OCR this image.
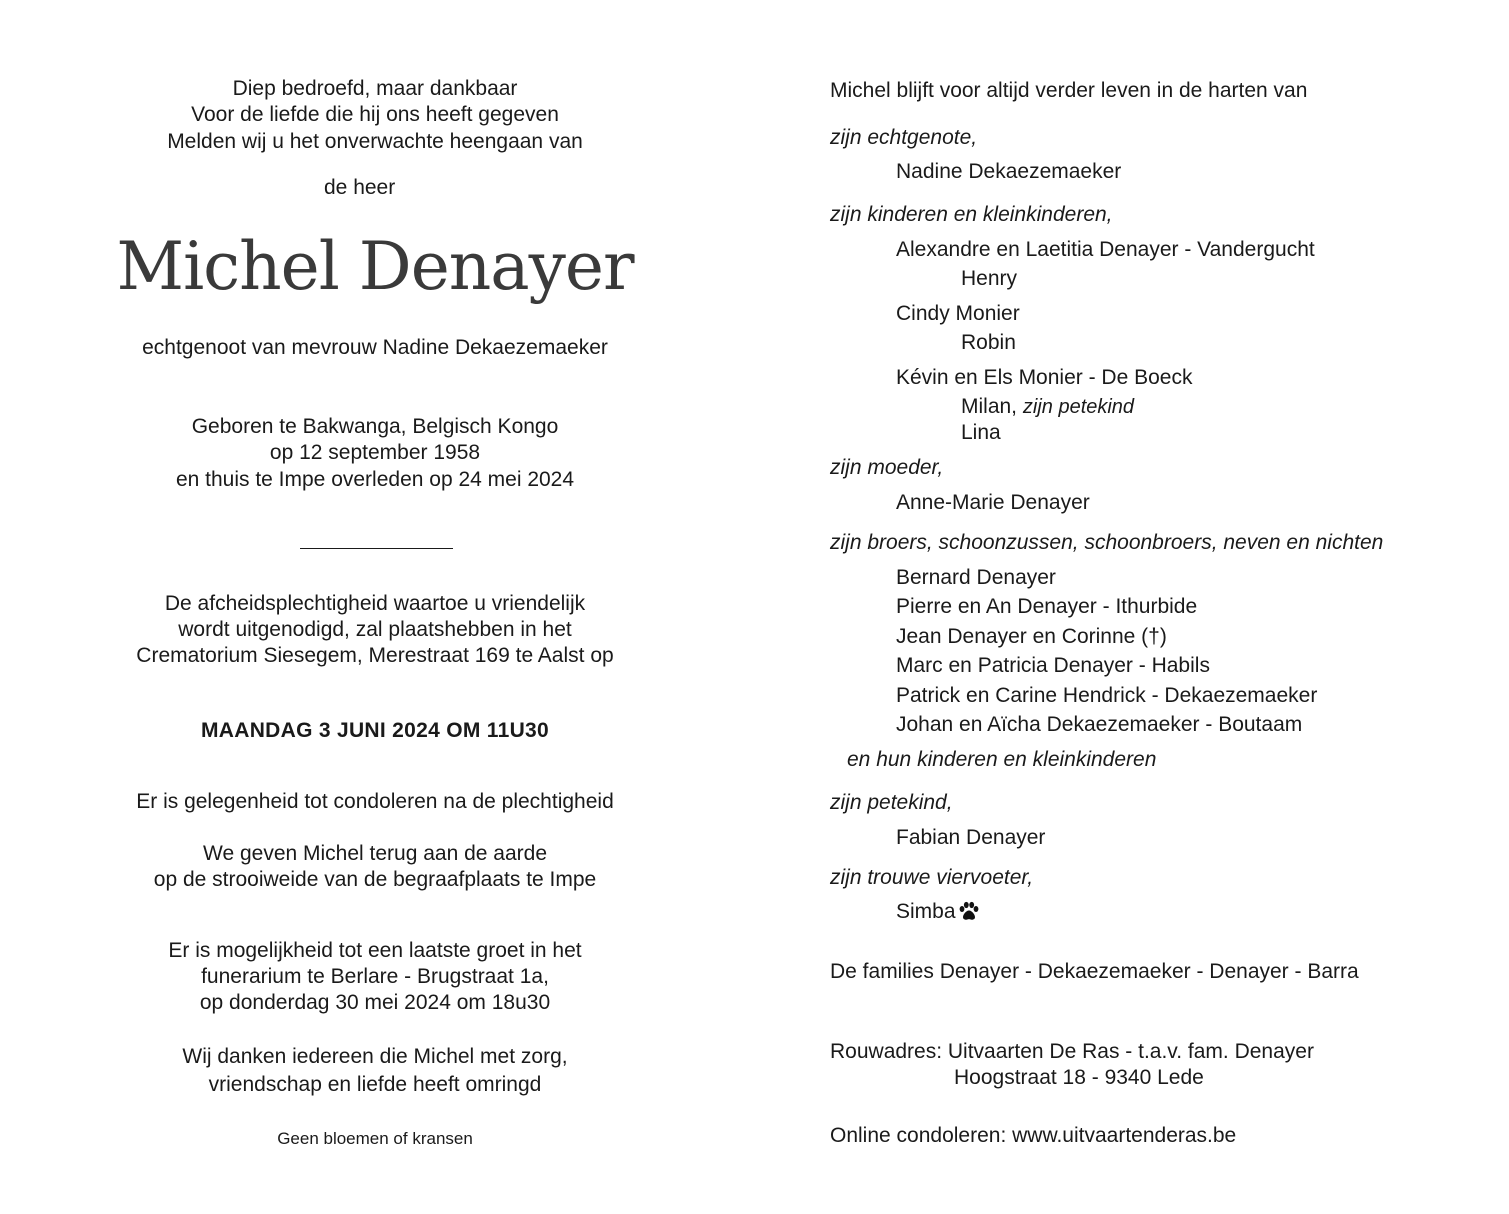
Diep bedroefd, maar dankbaar
Voor de liefde die hij ons heeft gegeven
Melden wij u het onverwachte heengaan van
de heer
Michel Denayer
echtgenoot van mevrouw Nadine Dekaezemaeker
Geboren te Bakwanga, Belgisch Kongo
op 12 september 1958
en thuis te Impe overleden op 24 mei 2024
De afcheidsplechtigheid waartoe u vriendelijk
wordt uitgenodigd, zal plaatshebben in het
Crematorium Siesegem, Merestraat 169 te Aalst op
MAANDAG 3 JUNI 2024 OM 11U30
Er is gelegenheid tot condoleren na de plechtigheid
We geven Michel terug aan de aarde
op de strooiweide van de begraafplaats te Impe
Er is mogelijkheid tot een laatste groet in het
funerarium te Berlare - Brugstraat 1a,
op donderdag 30 mei 2024 om 18u30
Wij danken iedereen die Michel met zorg,
vriendschap en liefde heeft omringd
Geen bloemen of kransen
Michel blijft voor altijd verder leven in de harten van
zijn echtgenote,
Nadine Dekaezemaeker
zijn kinderen en kleinkinderen,
Alexandre en Laetitia Denayer - Vandergucht
Henry
Cindy Monier
Robin
Kévin en Els Monier - De Boeck
Milan, zijn petekind
Lina
zijn moeder,
Anne-Marie Denayer
zijn broers, schoonzussen, schoonbroers, neven en nichten
Bernard Denayer
Pierre en An Denayer - Ithurbide
Jean Denayer en Corinne (†)
Marc en Patricia Denayer - Habils
Patrick en Carine Hendrick - Dekaezemaeker
Johan en Aïcha Dekaezemaeker - Boutaam
en hun kinderen en kleinkinderen
zijn petekind,
Fabian Denayer
zijn trouwe viervoeter,
Simba
De families Denayer - Dekaezemaeker - Denayer - Barra
Rouwadres: Uitvaarten De Ras - t.a.v. fam. Denayer
Hoogstraat 18 - 9340 Lede
Online condoleren: www.uitvaartenderas.be
